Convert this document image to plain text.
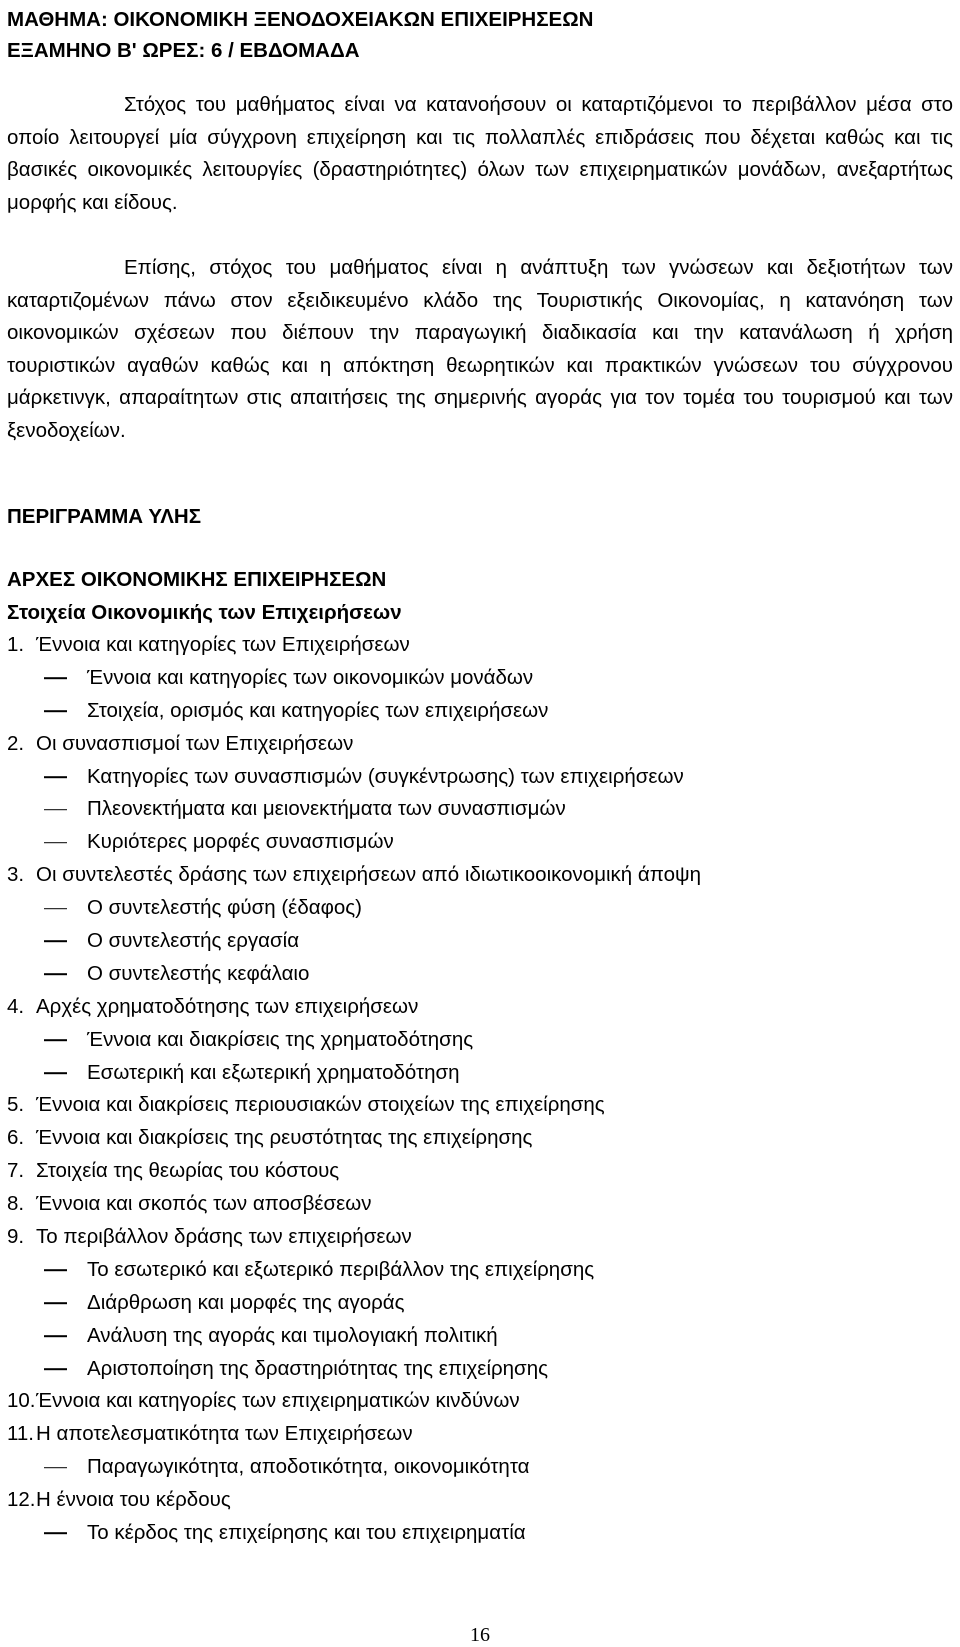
ΜΑΘΗΜΑ: ΟΙΚΟΝΟΜΙΚΗ ΞΕΝΟΔΟΧΕΙΑΚΩΝ ΕΠΙΧΕΙΡΗΣΕΩΝ
ΕΞΑΜΗΝΟ Β' ΩΡΕΣ: 6 / ΕΒΔΟΜΑΔΑ

Στόχος του μαθήματος είναι να κατανοήσουν οι καταρτιζόμενοι το περιβάλλον μέσα στο οποίο λειτουργεί μία σύγχρονη επιχείρηση και τις πολλαπλές επιδράσεις που δέχεται καθώς και τις βασικές οικονομικές λειτουργίες (δραστηριότητες) όλων των επιχειρηματικών μονάδων, ανεξαρτήτως μορφής και είδους.

Επίσης, στόχος του μαθήματος είναι η ανάπτυξη των γνώσεων και δεξιοτήτων των καταρτιζομένων πάνω στον εξειδικευμένο κλάδο της Τουριστικής Οικονομίας, η κατανόηση των οικονομικών σχέσεων που διέπουν την παραγωγική διαδικασία και την κατανάλωση ή χρήση τουριστικών αγαθών καθώς και η απόκτηση θεωρητικών και πρακτικών γνώσεων του σύγχρονου μάρκετινγκ, απαραίτητων στις απαιτήσεις της σημερινής αγοράς για τον τομέα του τουρισμού και των ξενοδοχείων.

ΠΕΡΙΓΡΑΜΜΑ ΥΛΗΣ
ΑΡΧΕΣ ΟΙΚΟΝΟΜΙΚΗΣ ΕΠΙΧΕΙΡΗΣΕΩΝ
Στοιχεία Οικονομικής των Επιχειρήσεων
1. Έννοια και κατηγορίες των Επιχειρήσεων
Έννοια και κατηγορίες των οικονομικών μονάδων
Στοιχεία, ορισμός και κατηγορίες των επιχειρήσεων
2. Οι συνασπισμοί των Επιχειρήσεων
Κατηγορίες των συνασπισμών (συγκέντρωσης) των επιχειρήσεων
Πλεονεκτήματα και μειονεκτήματα των συνασπισμών
Κυριότερες μορφές συνασπισμών
3. Οι συντελεστές δράσης των επιχειρήσεων από ιδιωτικοοικονομική άποψη
Ο συντελεστής φύση (έδαφος)
Ο συντελεστής εργασία
Ο συντελεστής κεφάλαιο
4. Αρχές χρηματοδότησης των επιχειρήσεων
Έννοια και διακρίσεις της χρηματοδότησης
Εσωτερική και εξωτερική χρηματοδότηση
5. Έννοια και διακρίσεις περιουσιακών στοιχείων της επιχείρησης
6. Έννοια και διακρίσεις της ρευστότητας της επιχείρησης
7. Στοιχεία της θεωρίας του κόστους
8. Έννοια και σκοπός των αποσβέσεων
9. Το περιβάλλον δράσης των επιχειρήσεων
Το εσωτερικό και εξωτερικό περιβάλλον της επιχείρησης
Διάρθρωση και μορφές της αγοράς
Ανάλυση της αγοράς και τιμολογιακή πολιτική
Αριστοποίηση της δραστηριότητας της επιχείρησης
10. Έννοια και κατηγορίες των επιχειρηματικών κινδύνων
11. Η αποτελεσματικότητα των Επιχειρήσεων
Παραγωγικότητα, αποδοτικότητα, οικονομικότητα
12. Η έννοια του κέρδους
Το κέρδος της επιχείρησης και του επιχειρηματία
16
